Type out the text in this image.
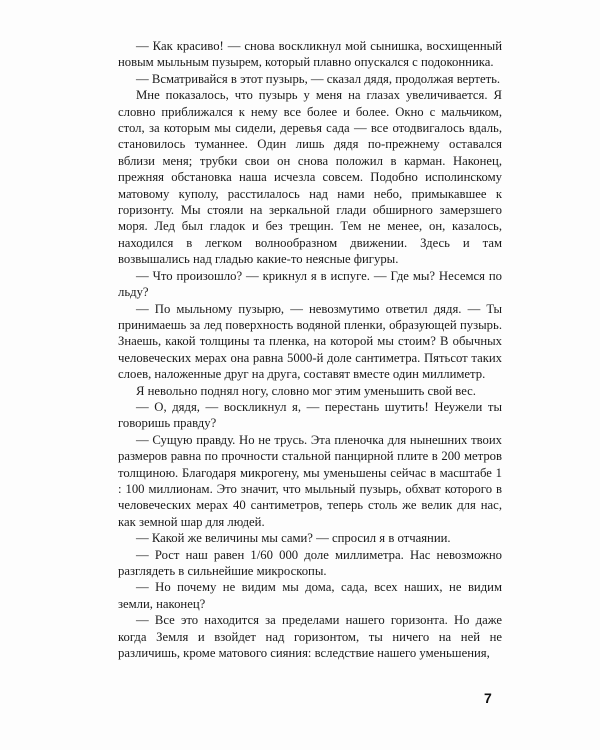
— Как красиво! — снова воскликнул мой сынишка, восхищенный новым мыльным пузырем, который плавно опускался с подоконника.

— Всматривайся в этот пузырь, — сказал дядя, продолжая вертеть.

Мне показалось, что пузырь у меня на глазах увеличивается. Я словно приближался к нему все более и более. Окно с мальчиком, стол, за которым мы сидели, деревья сада — все отодвигалось вдаль, становилось туманнее. Один лишь дядя по-прежнему оставался вблизи меня; трубки свои он снова положил в карман. Наконец, прежняя обстановка наша исчезла совсем. Подобно исполинскому матовому куполу, расстилалось над нами небо, примыкавшее к горизонту. Мы стояли на зеркальной глади обширного замерзшего моря. Лед был гладок и без трещин. Тем не менее, он, казалось, находился в легком волнообразном движении. Здесь и там возвышались над гладью какие-то неясные фигуры.

— Что произошло? — крикнул я в испуге. — Где мы? Несемся по льду?

— По мыльному пузырю, — невозмутимо ответил дядя. — Ты принимаешь за лед поверхность водяной пленки, образующей пузырь. Знаешь, какой толщины та пленка, на которой мы стоим? В обычных человеческих мерах она равна 5000-й доле сантиметра. Пятьсот таких слоев, наложенные друг на друга, составят вместе один миллиметр.

Я невольно поднял ногу, словно мог этим уменьшить свой вес.

— О, дядя, — воскликнул я, — перестань шутить! Неужели ты говоришь правду?

— Сущую правду. Но не трусь. Эта пленочка для нынешних твоих размеров равна по прочности стальной панцирной плите в 200 метров толщиною. Благодаря микрогену, мы уменьшены сейчас в масштабе 1 : 100 миллионам. Это значит, что мыльный пузырь, обхват которого в человеческих мерах 40 сантиметров, теперь столь же велик для нас, как земной шар для людей.

— Какой же величины мы сами? — спросил я в отчаянии.

— Рост наш равен 1/60 000 доле миллиметра. Нас невозможно разглядеть в сильнейшие микроскопы.

— Но почему не видим мы дома, сада, всех наших, не видим земли, наконец?

— Все это находится за пределами нашего горизонта. Но даже когда Земля и взойдет над горизонтом, ты ничего на ней не различишь, кроме матового сияния: вследствие нашего уменьшения,

7
